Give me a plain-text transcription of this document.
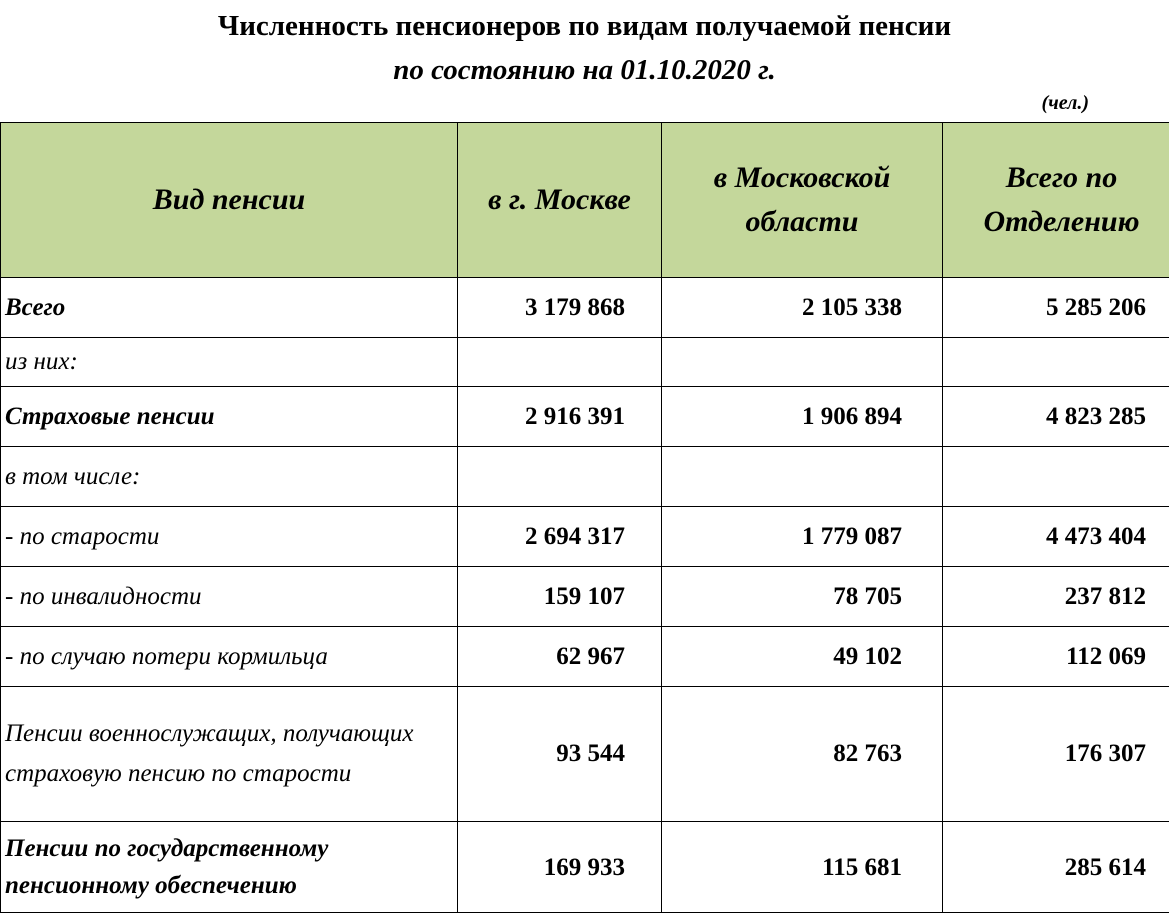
Численность пенсионеров по видам получаемой пенсии
по состоянию на 01.10.2020 г.
(чел.)
Вид пенсии	в г. Москве	в Московской области	Всего по Отделению
Всего	3 179 868	2 105 338	5 285 206
из них:			
Страховые пенсии	2 916 391	1 906 894	4 823 285
в том числе:			
- по старости	2 694 317	1 779 087	4 473 404
- по инвалидности	159 107	78 705	237 812
- по случаю потери кормильца	62 967	49 102	112 069
Пенсии военнослужащих, получающих страховую пенсию по старости	93 544	82 763	176 307
Пенсии по государственному пенсионному обеспечению	169 933	115 681	285 614
